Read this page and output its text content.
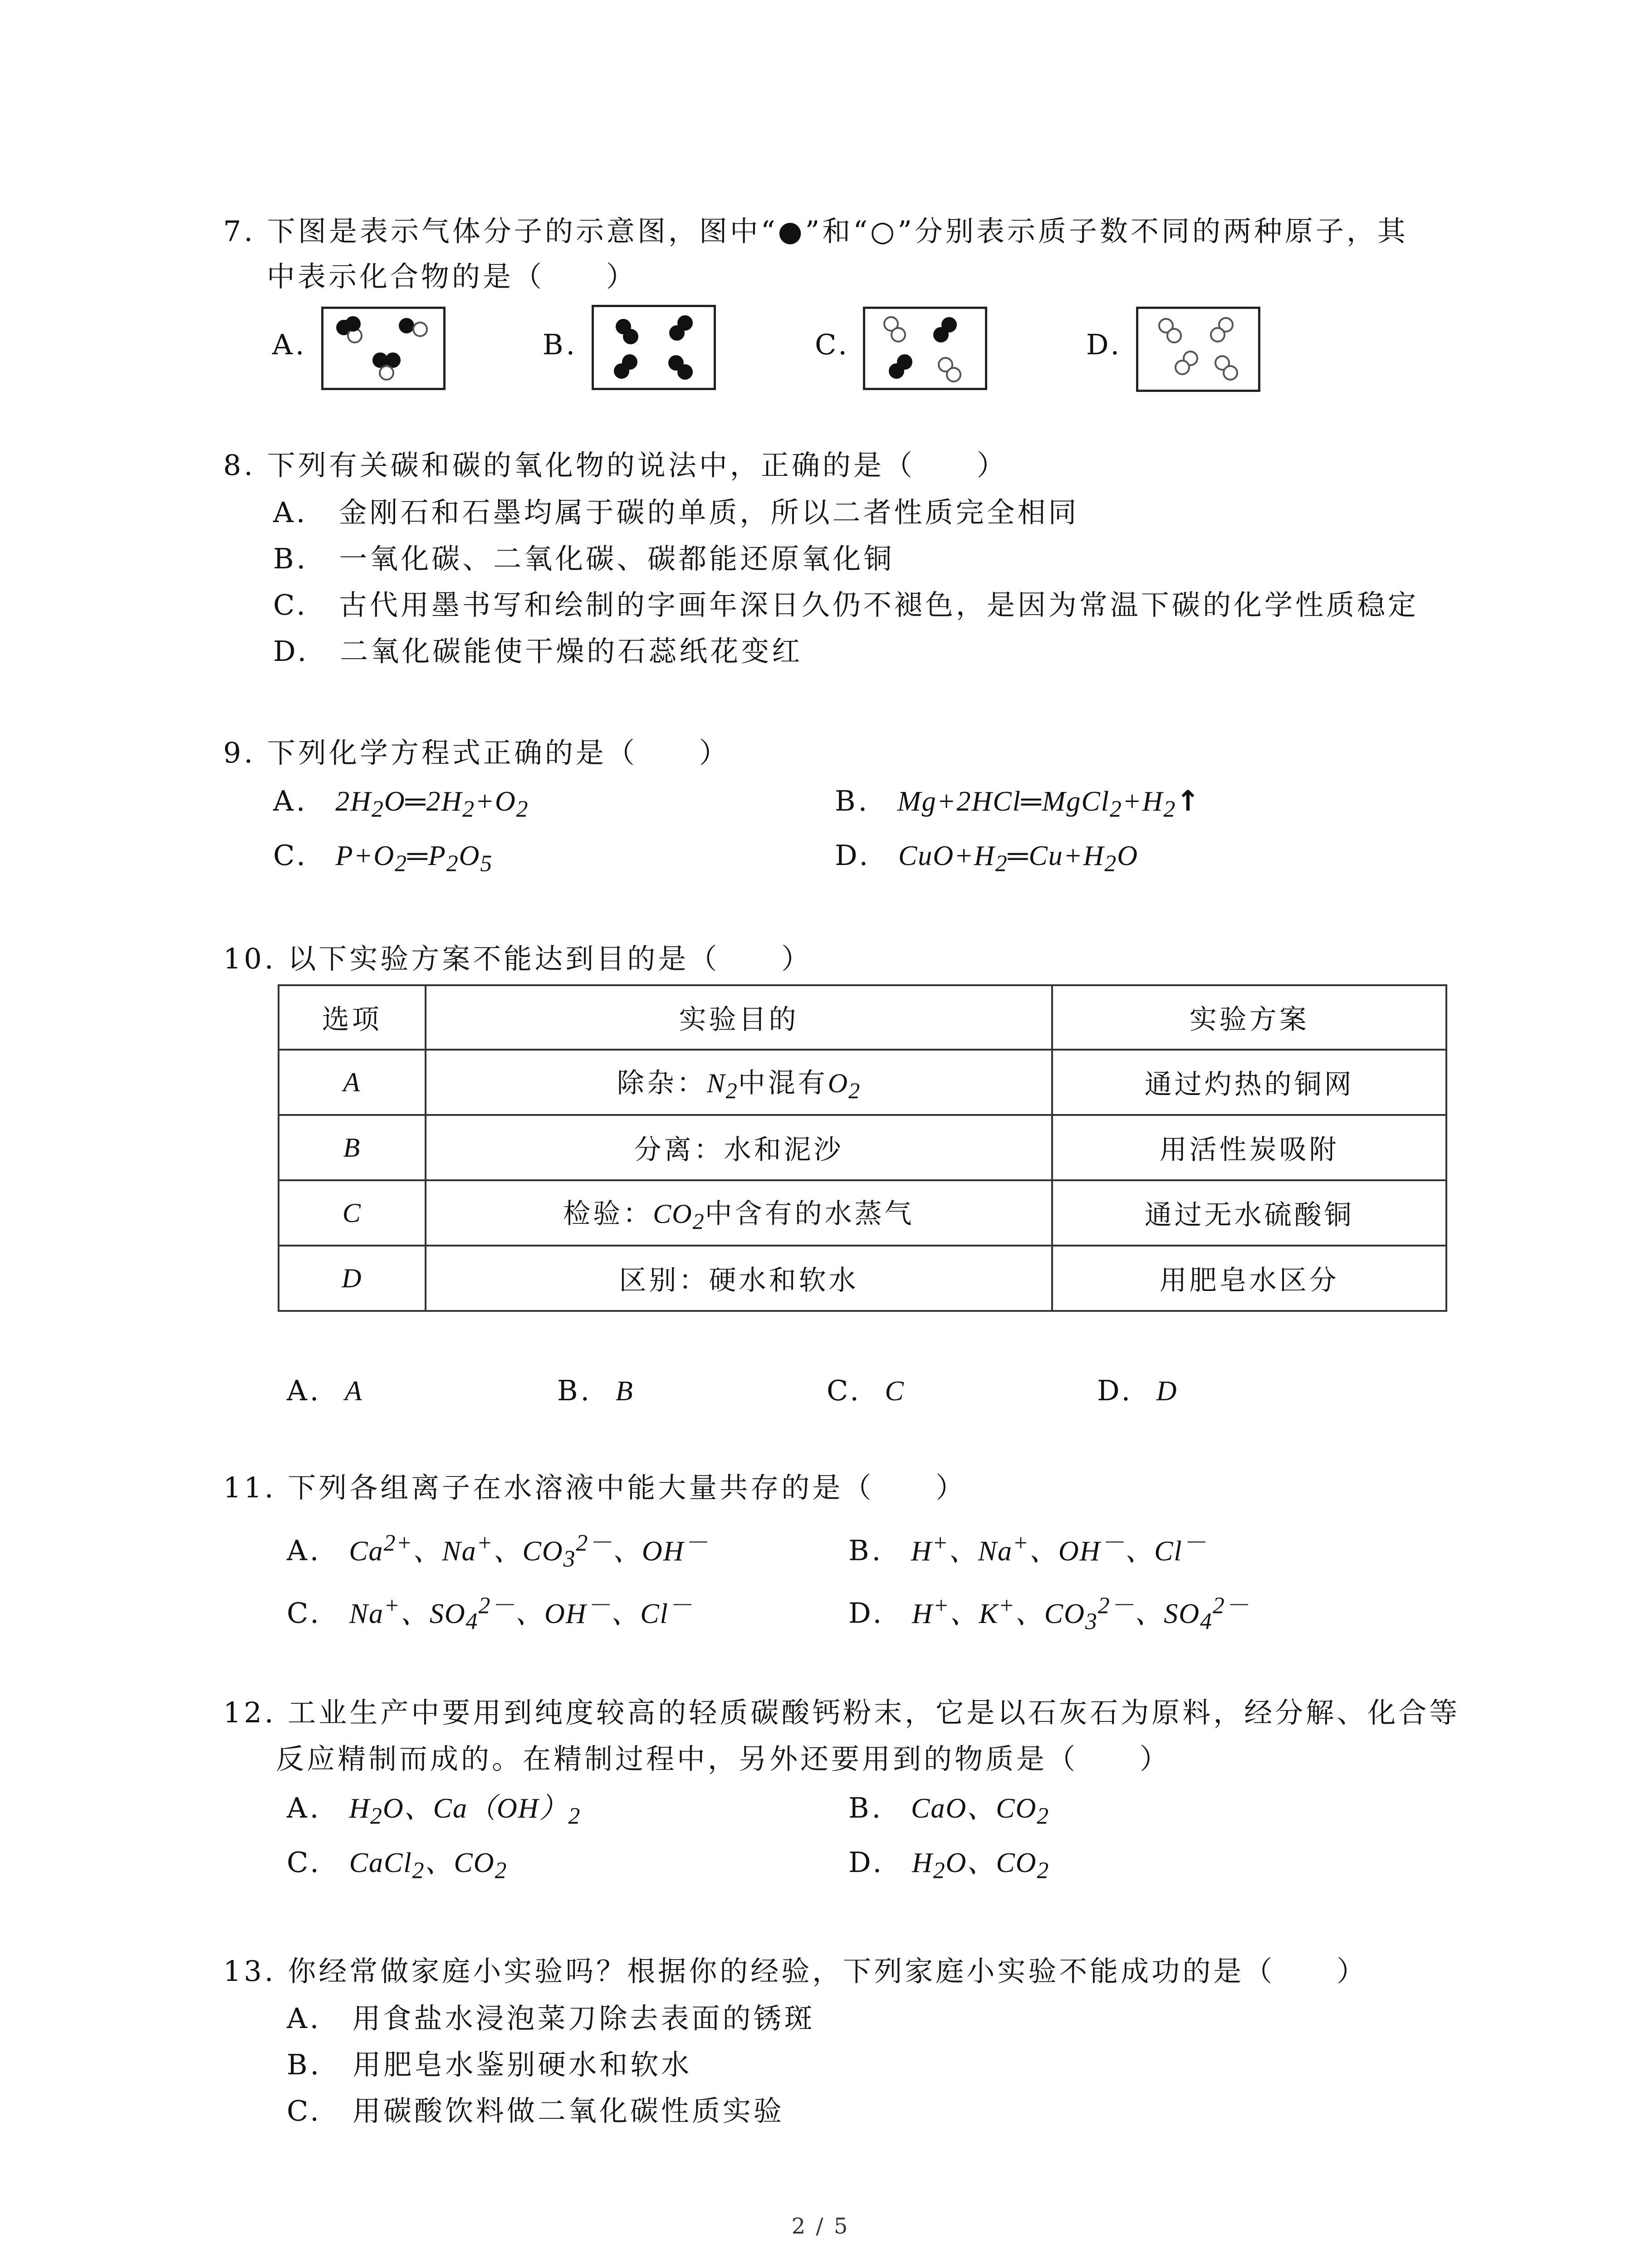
7. 下图是表示气体分子的示意图，图中“●”和“○”分别表示质子数不同的两种原子，其
中表示化合物的是（　　）
A.	B.	C.	D.
8. 下列有关碳和碳的氧化物的说法中，正确的是（　　）
A.　金刚石和石墨均属于碳的单质，所以二者性质完全相同
B.　一氧化碳、二氧化碳、碳都能还原氧化铜
C.　古代用墨书写和绘制的字画年深日久仍不褪色，是因为常温下碳的化学性质稳定
D.　二氧化碳能使干燥的石蕊纸花变红
9. 下列化学方程式正确的是（　　）
A.   $2H_2O═2H_2+O_2$	B.   $Mg+2HCl═MgCl_2+H_2↑$
C.   $P+O_2═P_2O_5$	D.   $CuO+H_2═Cu+H_2O$
10. 以下实验方案不能达到目的是（　　）
选项	实验目的	实验方案
A	除杂：$N_2$中混有$O_2$	通过灼热的铜网
B	分离：水和泥沙	用活性炭吸附
C	检验：$CO_2$中含有的水蒸气	通过无水硫酸铜
D	区别：硬水和软水	用肥皂水区分
A. A	B. B	C. C	D. D
11. 下列各组离子在水溶液中能大量共存的是（　　）
A.   $Ca^{2+}$、Na+、$CO_3^{2-}$、OH－	B.   H+、Na+、OH－、Cl－
C.   Na+、$SO_4^{2-}$、OH－、Cl－	D.   H+、K+、$CO_3^{2-}$、$SO_4^{2-}$
12. 工业生产中要用到纯度较高的轻质碳酸钙粉末，它是以石灰石为原料，经分解、化合等
反应精制而成的。在精制过程中，另外还要用到的物质是（　　）
A.   $H_2O$、$Ca(OH)_2$	B.   CaO、$CO_2$
C.   CaCl$_2$、$CO_2$	D.   $H_2O$、$CO_2$
13. 你经常做家庭小实验吗？根据你的经验，下列家庭小实验不能成功的是（　　）
A.　用食盐水浸泡菜刀除去表面的锈斑
B.　用肥皂水鉴别硬水和软水
C.　用碳酸饮料做二氧化碳性质实验
2 / 5
